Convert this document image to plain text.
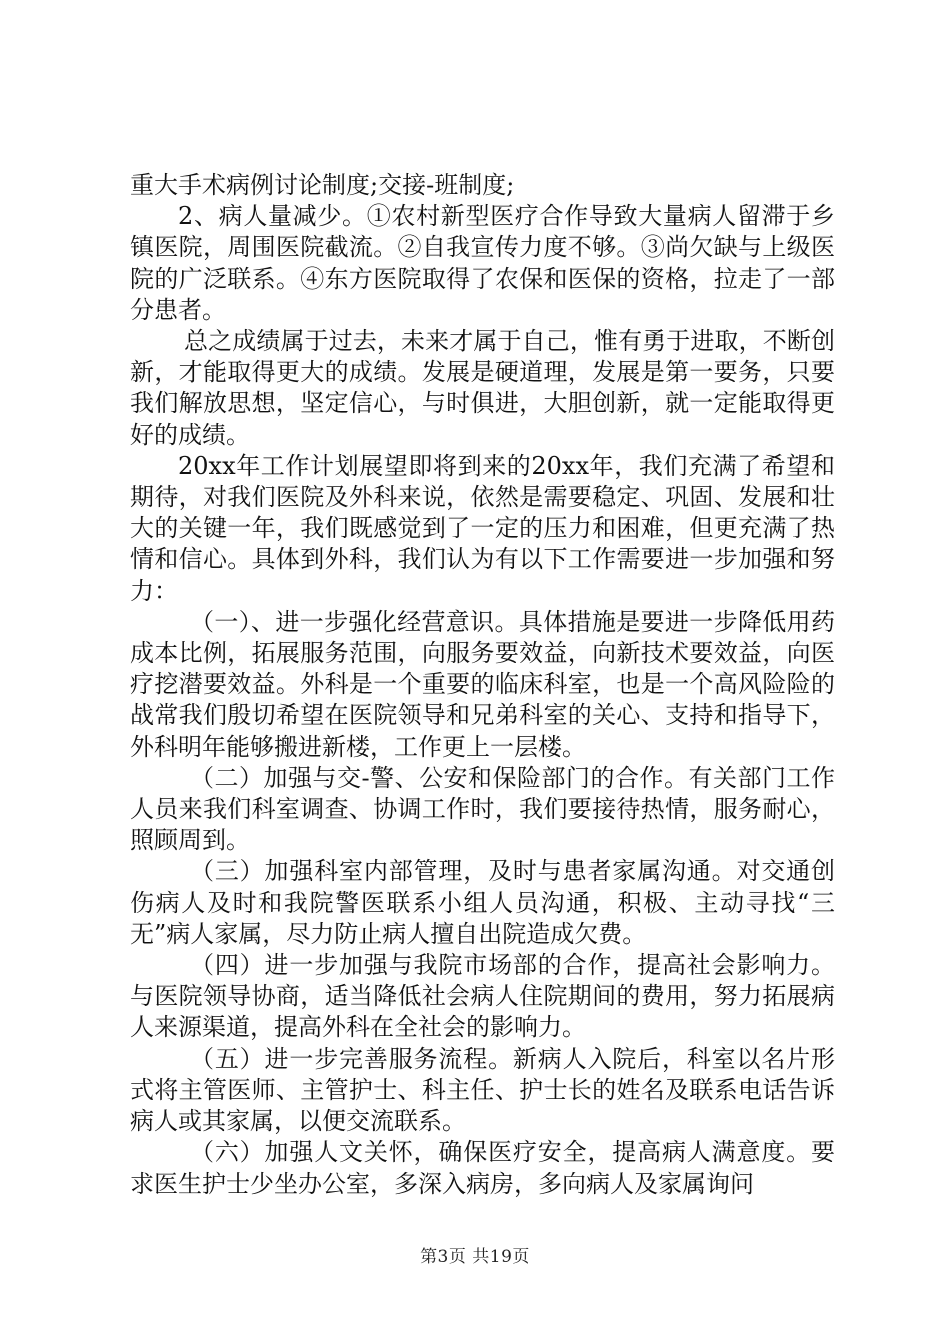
重大手术病例讨论制度;交接-班制度;

2、病人量减少。①农村新型医疗合作导致大量病人留滞于乡镇医院，周围医院截流。②自我宣传力度不够。③尚欠缺与上级医院的广泛联系。④东方医院取得了农保和医保的资格，拉走了一部分患者。

总之成绩属于过去，未来才属于自己，惟有勇于进取，不断创新，才能取得更大的成绩。发展是硬道理，发展是第一要务，只要我们解放思想，坚定信心，与时俱进，大胆创新，就一定能取得更好的成绩。

20xx年工作计划展望即将到来的20xx年，我们充满了希望和期待，对我们医院及外科来说，依然是需要稳定、巩固、发展和壮大的关键一年，我们既感觉到了一定的压力和困难，但更充满了热情和信心。具体到外科，我们认为有以下工作需要进一步加强和努力：

（一）、进一步强化经营意识。具体措施是要进一步降低用药成本比例，拓展服务范围，向服务要效益，向新技术要效益，向医疗挖潜要效益。外科是一个重要的临床科室，也是一个高风险险的战常我们殷切希望在医院领导和兄弟科室的关心、支持和指导下，外科明年能够搬进新楼，工作更上一层楼。

（二）加强与交-警、公安和保险部门的合作。有关部门工作人员来我们科室调查、协调工作时，我们要接待热情，服务耐心，照顾周到。

（三）加强科室内部管理，及时与患者家属沟通。对交通创伤病人及时和我院警医联系小组人员沟通，积极、主动寻找“三无”病人家属，尽力防止病人擅自出院造成欠费。

（四）进一步加强与我院市场部的合作，提高社会影响力。与医院领导协商，适当降低社会病人住院期间的费用，努力拓展病人来源渠道，提高外科在全社会的影响力。

（五）进一步完善服务流程。新病人入院后，科室以名片形式将主管医师、主管护士、科主任、护士长的姓名及联系电话告诉病人或其家属，以便交流联系。

（六）加强人文关怀，确保医疗安全，提高病人满意度。要求医生护士少坐办公室，多深入病房，多向病人及家属询问

第3页 共19页
